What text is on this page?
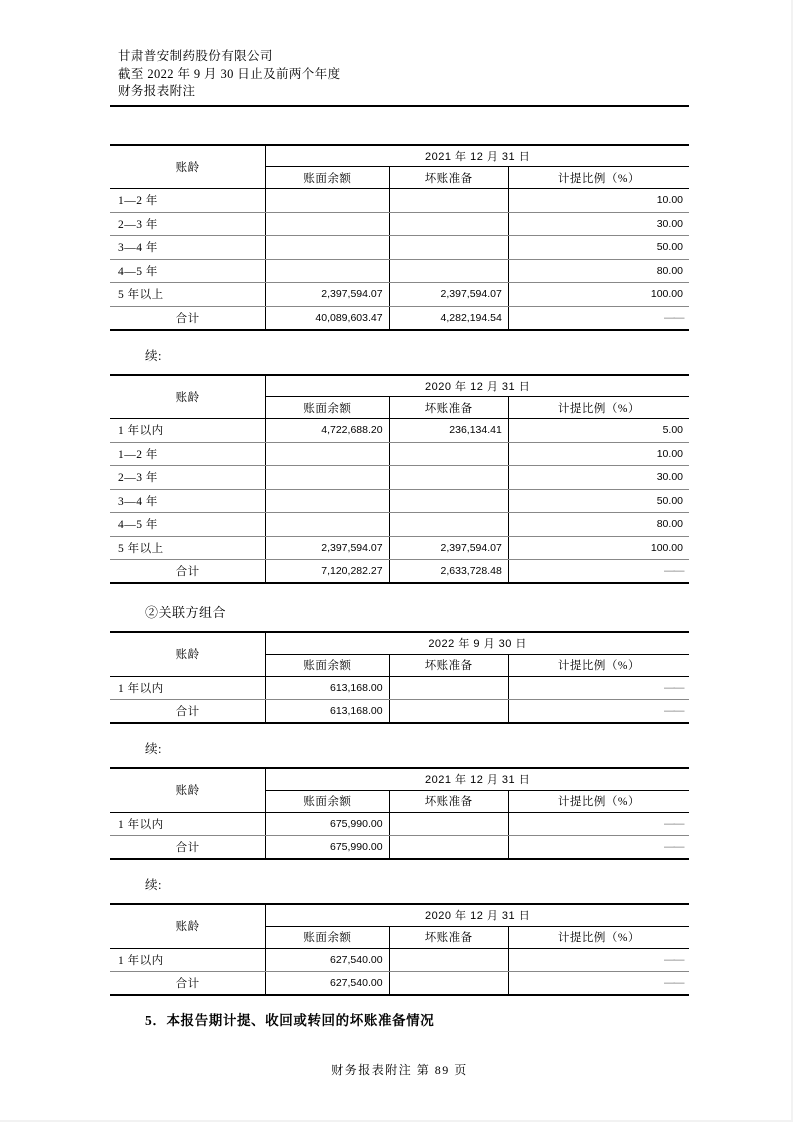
甘肃普安制药股份有限公司
截至 2022 年 9 月 30 日止及前两个年度
财务报表附注
账龄	2021 年 12 月 31 日		
	账面余额	坏账准备	计提比例（%）
1—2 年			10.00
2—3 年			30.00
3—4 年			50.00
4—5 年			80.00
5 年以上	2,397,594.07	2,397,594.07	100.00
合计	40,089,603.47	4,282,194.54	——
续:
账龄	2020 年 12 月 31 日		
	账面余额	坏账准备	计提比例（%）
1 年以内	4,722,688.20	236,134.41	5.00
1—2 年			10.00
2—3 年			30.00
3—4 年			50.00
4—5 年			80.00
5 年以上	2,397,594.07	2,397,594.07	100.00
合计	7,120,282.27	2,633,728.48	——
②关联方组合
账龄	2022 年 9 月 30 日		
	账面余额	坏账准备	计提比例（%）
1 年以内	613,168.00		——
合计	613,168.00		——
续:
账龄	2021 年 12 月 31 日		
	账面余额	坏账准备	计提比例（%）
1 年以内	675,990.00		——
合计	675,990.00		——
续:
账龄	2020 年 12 月 31 日		
	账面余额	坏账准备	计提比例（%）
1 年以内	627,540.00		——
合计	627,540.00		——
5．本报告期计提、收回或转回的坏账准备情况
财务报表附注 第 89 页
